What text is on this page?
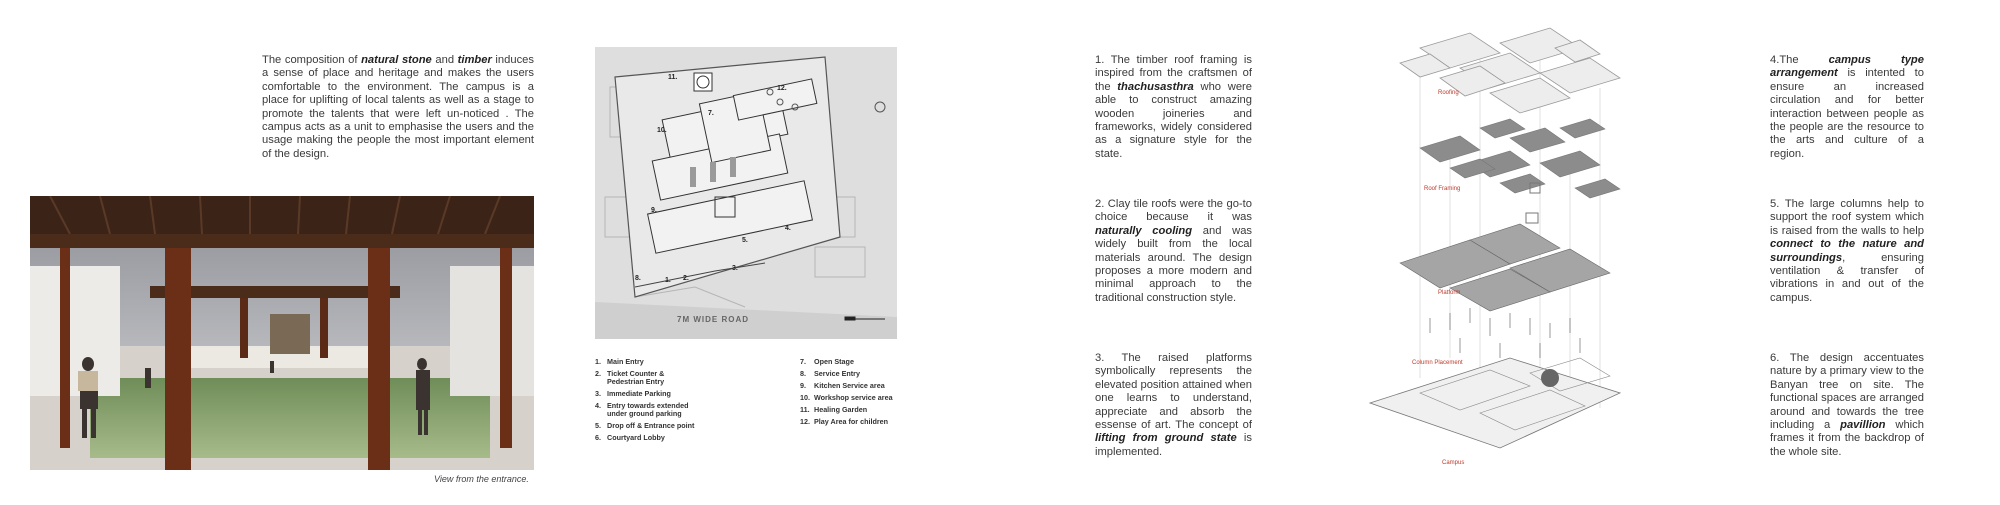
The composition of natural stone and timber induces a sense of place and heritage and makes the users comfortable to the environment. The campus is a place for uplifting of local talents as well as a stage to promote the talents that were left un-noticed . The campus acts as a unit to emphasise the users and the usage making the people the most important element of the design.

View from the entrance.
11.
12.
7.
10.
9.
5.
4.
8.	1. 2.
3.
7M WIDE ROAD
1. Main Entry
2. Ticket Counter &
Pedestrian Entry
3. Immediate Parking
4. Entry towards extended
under ground parking
5. Drop off & Entrance point
6. Courtyard Lobby
7.	Open Stage
8.	Service Entry
9.	Kitchen Service area
10. Workshop service area
11. Healing Garden
12. Play Area for children

1. The timber roof framing is inspired from the craftsmen of the thachusasthra who were able to construct amazing wooden joineries and frameworks, widely considered as a signature style for the state.

2. Clay tile roofs were the go-to choice because it was naturally cooling and was widely built from the local materials around. The design proposes a more modern and minimal approach to the traditional construction style.

3. The raised platforms symbolically represents the elevated position attained when one learns to understand, appreciate and absorb the essense of art. The concept of lifting from ground state is implemented.

Roofing
Roof Framing
Platform
Column Placement
Campus

4.The campus type arrangement is intented to ensure an increased circulation and for better interaction between people as the people are the resource to the arts and culture of a region.

5. The large columns help to support the roof system which is raised from the walls to help connect to the nature and surroundings, ensuring ventilation & transfer of vibrations in and out of the campus.

6. The design accentuates nature by a primary view to the Banyan tree on site. The functional spaces are arranged around and towards the tree including a pavillion which frames it from the backdrop of the whole site.
